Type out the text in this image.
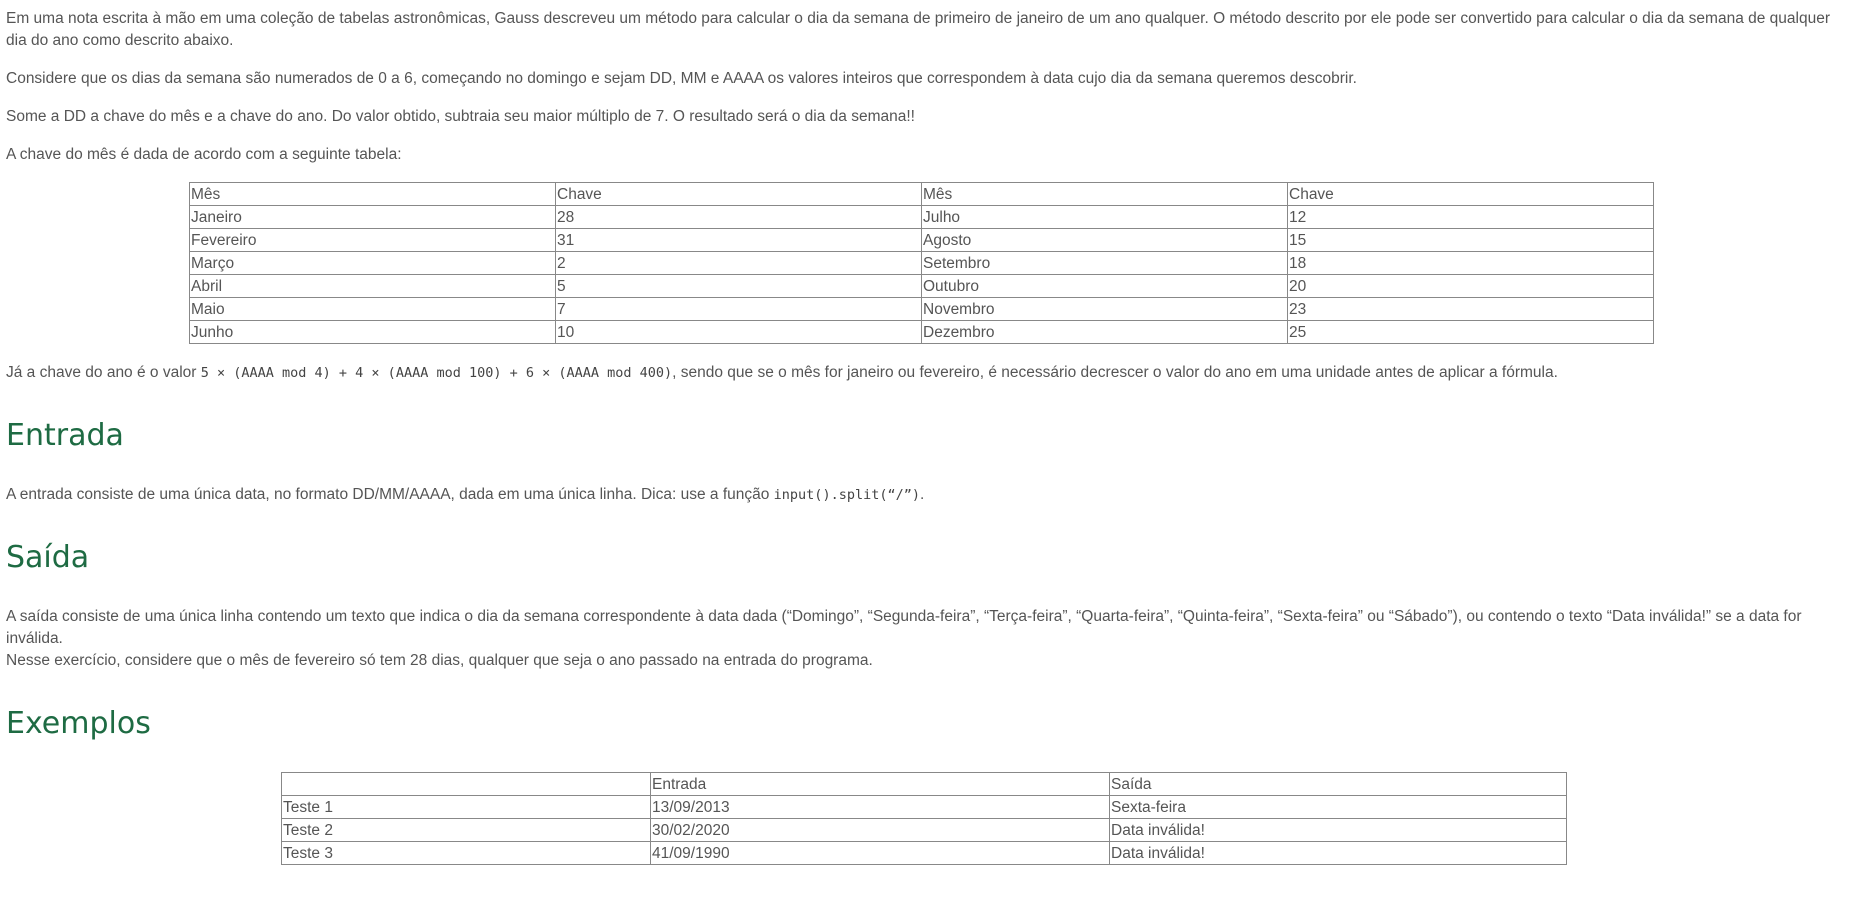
Em uma nota escrita à mão em uma coleção de tabelas astronômicas, Gauss descreveu um método para calcular o dia da semana de primeiro de janeiro de um ano qualquer. O método descrito por ele pode ser convertido para calcular o dia da semana de qualquer dia do ano como descrito abaixo.

Considere que os dias da semana são numerados de 0 a 6, começando no domingo e sejam DD, MM e AAAA os valores inteiros que correspondem à data cujo dia da semana queremos descobrir.

Some a DD a chave do mês e a chave do ano. Do valor obtido, subtraia seu maior múltiplo de 7. O resultado será o dia da semana!!

A chave do mês é dada de acordo com a seguinte tabela:

Mês	Chave	Mês	Chave
Janeiro	28	Julho	12
Fevereiro	31	Agosto	15
Março	2	Setembro	18
Abril	5	Outubro	20
Maio	7	Novembro	23
Junho	10	Dezembro	25

Já a chave do ano é o valor 5 × (AAAA mod 4) + 4 × (AAAA mod 100) + 6 × (AAAA mod 400), sendo que se o mês for janeiro ou fevereiro, é necessário decrescer o valor do ano em uma unidade antes de aplicar a fórmula.

Entrada

A entrada consiste de uma única data, no formato DD/MM/AAAA, dada em uma única linha. Dica: use a função input().split(“/”).

Saída

A saída consiste de uma única linha contendo um texto que indica o dia da semana correspondente à data dada (“Domingo”, “Segunda-feira”, “Terça-feira”, “Quarta-feira”, “Quinta-feira”, “Sexta-feira” ou “Sábado”), ou contendo o texto “Data inválida!” se a data for inválida.
Nesse exercício, considere que o mês de fevereiro só tem 28 dias, qualquer que seja o ano passado na entrada do programa.

Exemplos
	Entrada	Saída
Teste 1	13/09/2013	Sexta-feira
Teste 2	30/02/2020	Data inválida!
Teste 3	41/09/1990	Data inválida!
